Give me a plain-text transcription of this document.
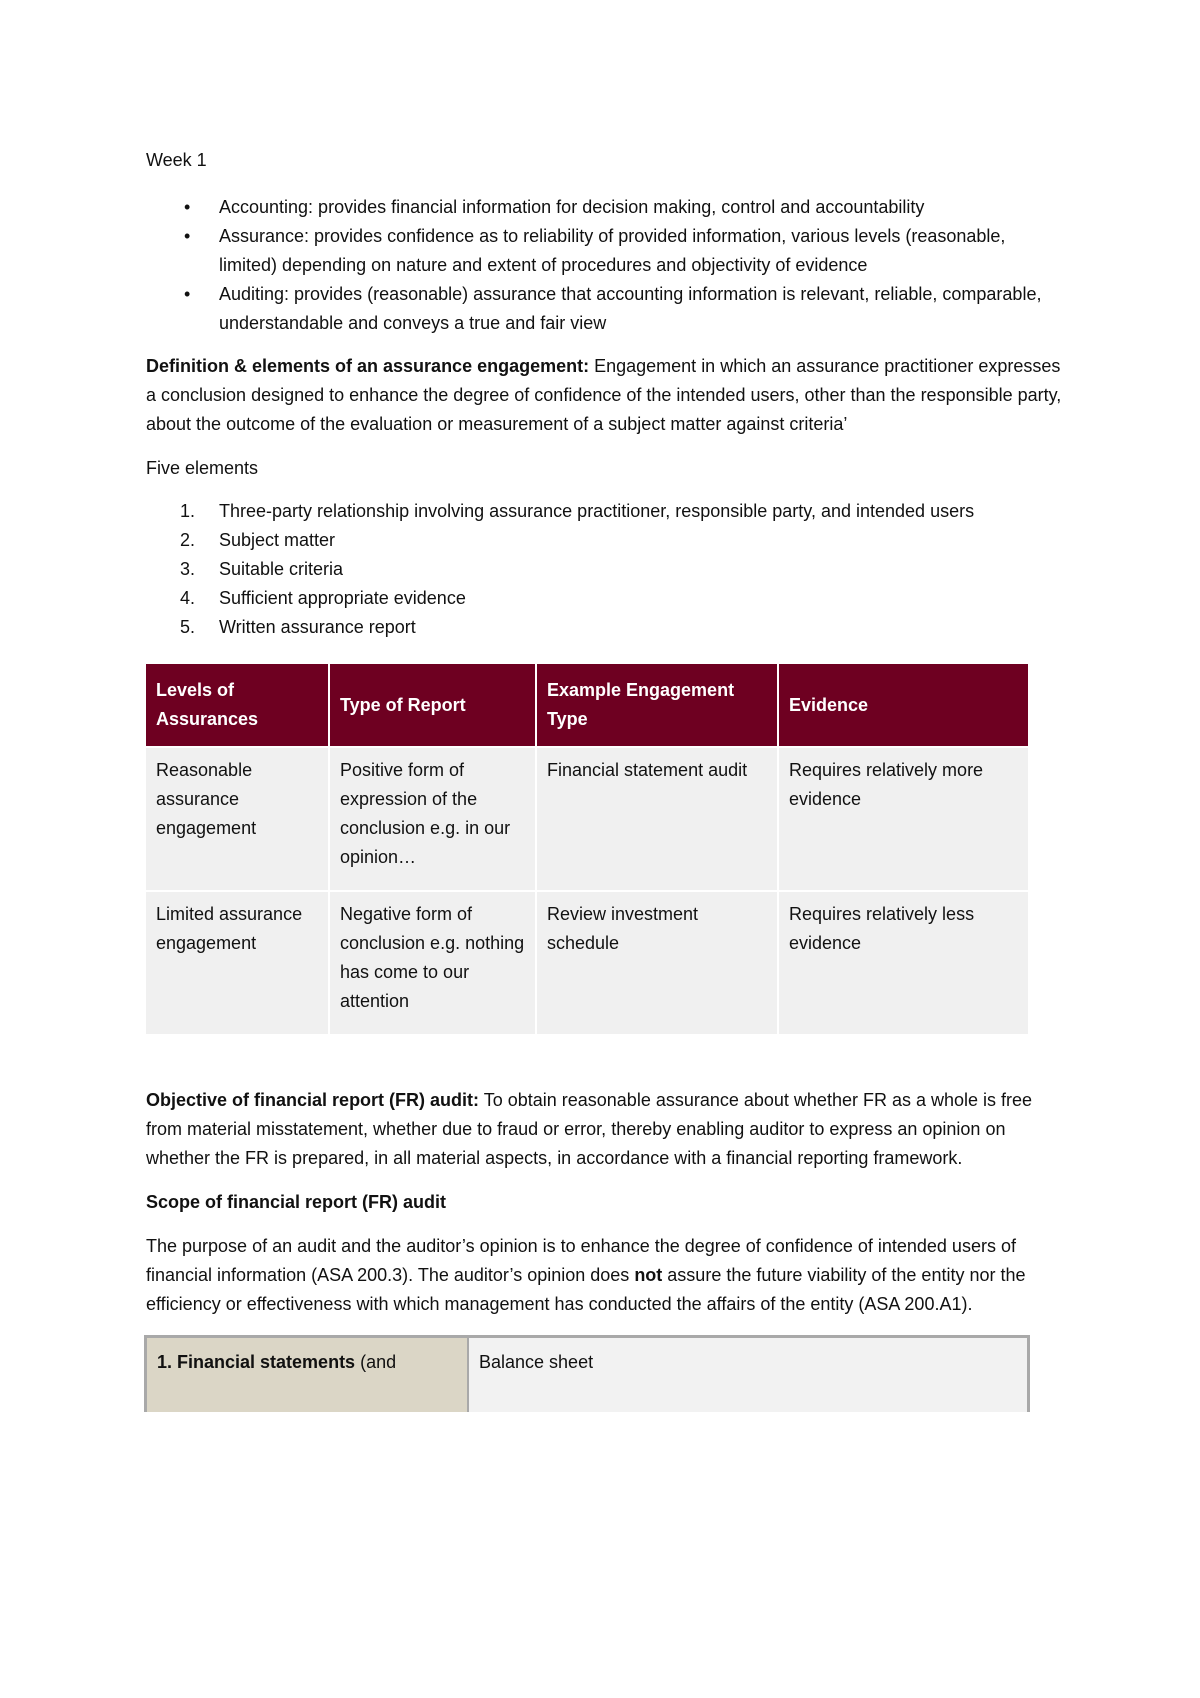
Week 1

• Accounting: provides financial information for decision making, control and accountability
• Assurance: provides confidence as to reliability of provided information, various levels (reasonable, limited) depending on nature and extent of procedures and objectivity of evidence
• Auditing: provides (reasonable) assurance that accounting information is relevant, reliable, comparable, understandable and conveys a true and fair view

Definition & elements of an assurance engagement: Engagement in which an assurance practitioner expresses a conclusion designed to enhance the degree of confidence of the intended users, other than the responsible party, about the outcome of the evaluation or measurement of a subject matter against criteria’

Five elements

1. Three-party relationship involving assurance practitioner, responsible party, and intended users
2. Subject matter
3. Suitable criteria
4. Sufficient appropriate evidence
5. Written assurance report
Levels of Assurances	Type of Report	Example Engagement Type	Evidence
Reasonable assurance engagement	Positive form of expression of the conclusion e.g. in our opinion…	Financial statement audit	Requires relatively more evidence
Limited assurance engagement	Negative form of conclusion e.g. nothing has come to our attention	Review investment schedule	Requires relatively less evidence

Objective of financial report (FR) audit: To obtain reasonable assurance about whether FR as a whole is free from material misstatement, whether due to fraud or error, thereby enabling auditor to express an opinion on whether the FR is prepared, in all material aspects, in accordance with a financial reporting framework.

Scope of financial report (FR) audit

The purpose of an audit and the auditor’s opinion is to enhance the degree of confidence of intended users of financial information (ASA 200.3). The auditor’s opinion does not assure the future viability of the entity nor the efficiency or effectiveness with which management has conducted the affairs of the entity (ASA 200.A1).

1. Financial statements (and	Balance sheet
